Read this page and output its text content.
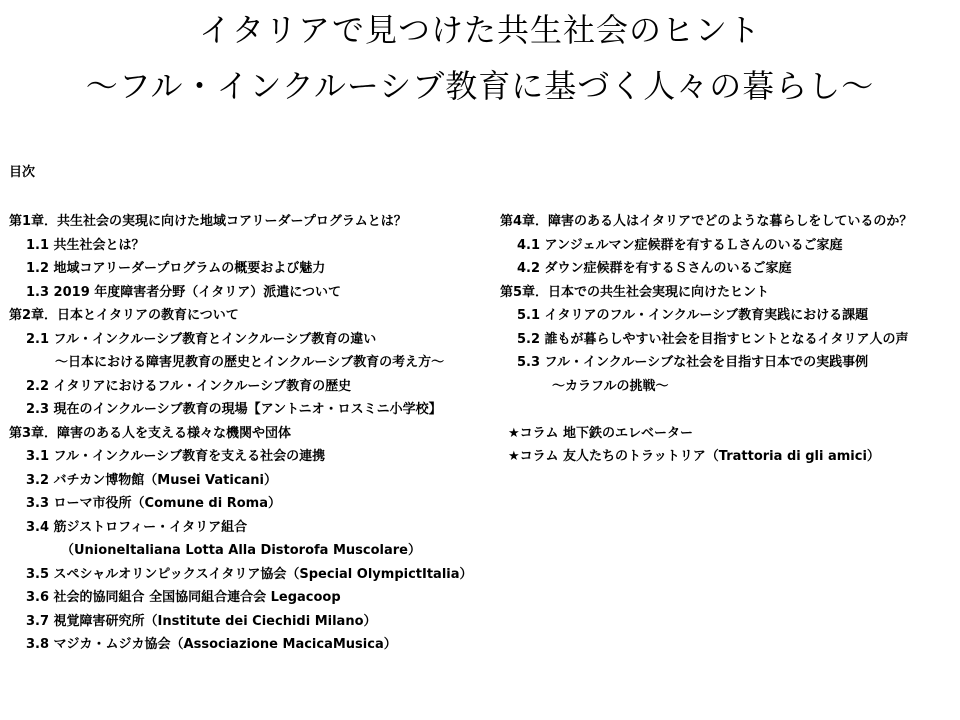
イタリアで見つけた共生社会のヒント
〜フル・インクルーシブ教育に基づく人々の暮らし〜
目次
第1章．共生社会の実現に向けた地域コアリーダープログラムとは？
1.1 共生社会とは？
1.2 地域コアリーダープログラムの概要および魅力
1.3 2019 年度障害者分野（イタリア）派遣について
第2章．日本とイタリアの教育について
2.1 フル・インクルーシブ教育とインクルーシブ教育の違い
〜日本における障害児教育の歴史とインクルーシブ教育の考え方〜
2.2 イタリアにおけるフル・インクルーシブ教育の歴史
2.3 現在のインクルーシブ教育の現場【アントニオ・ロスミニ小学校】
第3章．障害のある人を支える様々な機関や団体
3.1 フル・インクルーシブ教育を支える社会の連携
3.2 バチカン博物館（Musei Vaticani）
3.3 ローマ市役所（Comune di Roma）
3.4 筋ジストロフィー・イタリア組合
（UnioneItaliana Lotta Alla Distorofa Muscolare）
3.5 スペシャルオリンピックスイタリア協会（Special OlympictItalia）
3.6 社会的協同組合 全国協同組合連合会 Legacoop
3.7 視覚障害研究所（Institute dei Ciechidi Milano）
3.8 マジカ・ムジカ協会（Associazione MacicaMusica）
第4章．障害のある人はイタリアでどのような暮らしをしているのか？
4.1 アンジェルマン症候群を有するＬさんのいるご家庭
4.2 ダウン症候群を有するＳさんのいるご家庭
第5章．日本での共生社会実現に向けたヒント
5.1 イタリアのフル・インクルーシブ教育実践における課題
5.2 誰もが暮らしやすい社会を目指すヒントとなるイタリア人の声
5.3 フル・インクルーシブな社会を目指す日本での実践事例
〜カラフルの挑戦〜
★コラム 地下鉄のエレベーター
★コラム 友人たちのトラットリア（Trattoria di gli amici）
